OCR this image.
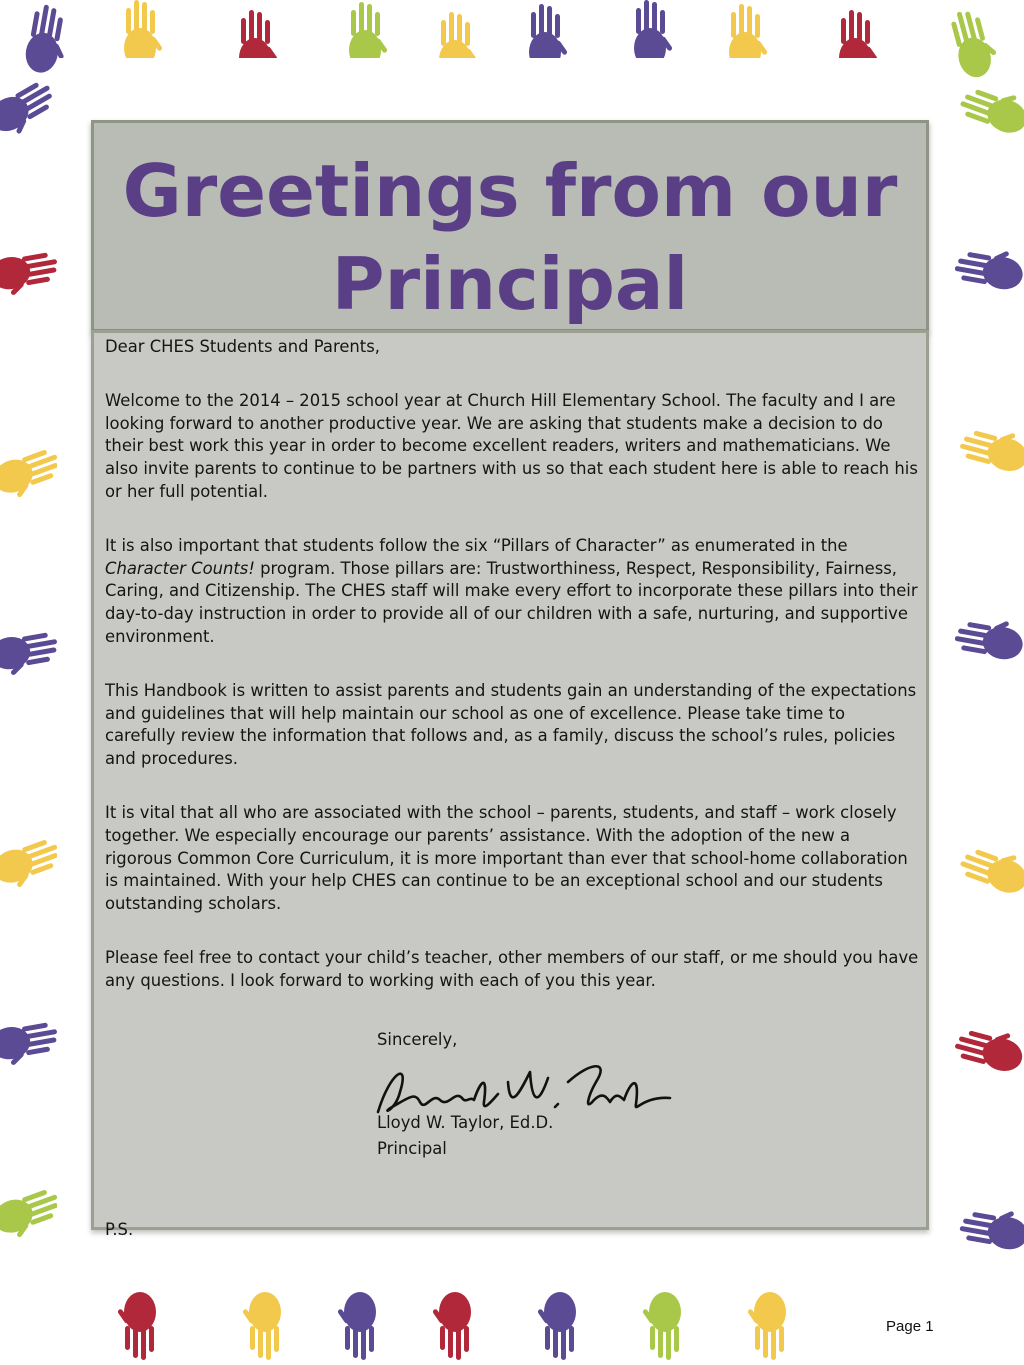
Greetings from our
Principal

Dear CHES Students and Parents,

Welcome to the 2014 – 2015 school year at Church Hill Elementary School. The faculty and I are looking forward to another productive year. We are asking that students make a decision to do their best work this year in order to become excellent readers, writers and mathematicians. We also invite parents to continue to be partners with us so that each student here is able to reach his or her full potential.

It is also important that students follow the six “Pillars of Character” as enumerated in the Character Counts! program. Those pillars are: Trustworthiness, Respect, Responsibility, Fairness, Caring, and Citizenship. The CHES staff will make every effort to incorporate these pillars into their day-to-day instruction in order to provide all of our children with a safe, nurturing, and supportive environment.

This Handbook is written to assist parents and students gain an understanding of the expectations and guidelines that will help maintain our school as one of excellence. Please take time to carefully review the information that follows and, as a family, discuss the school’s rules, policies and procedures.

It is vital that all who are associated with the school – parents, students, and staff – work closely together. We especially encourage our parents’ assistance. With the adoption of the new a rigorous Common Core Curriculum, it is more important than ever that school-home collaboration is maintained. With your help CHES can continue to be an exceptional school and our students outstanding scholars.

Please feel free to contact your child’s teacher, other members of our staff, or me should you have any questions. I look forward to working with each of you this year.

Sincerely,
Lloyd W. Taylor, Ed.D.
Principal
P.S.
Page 1
